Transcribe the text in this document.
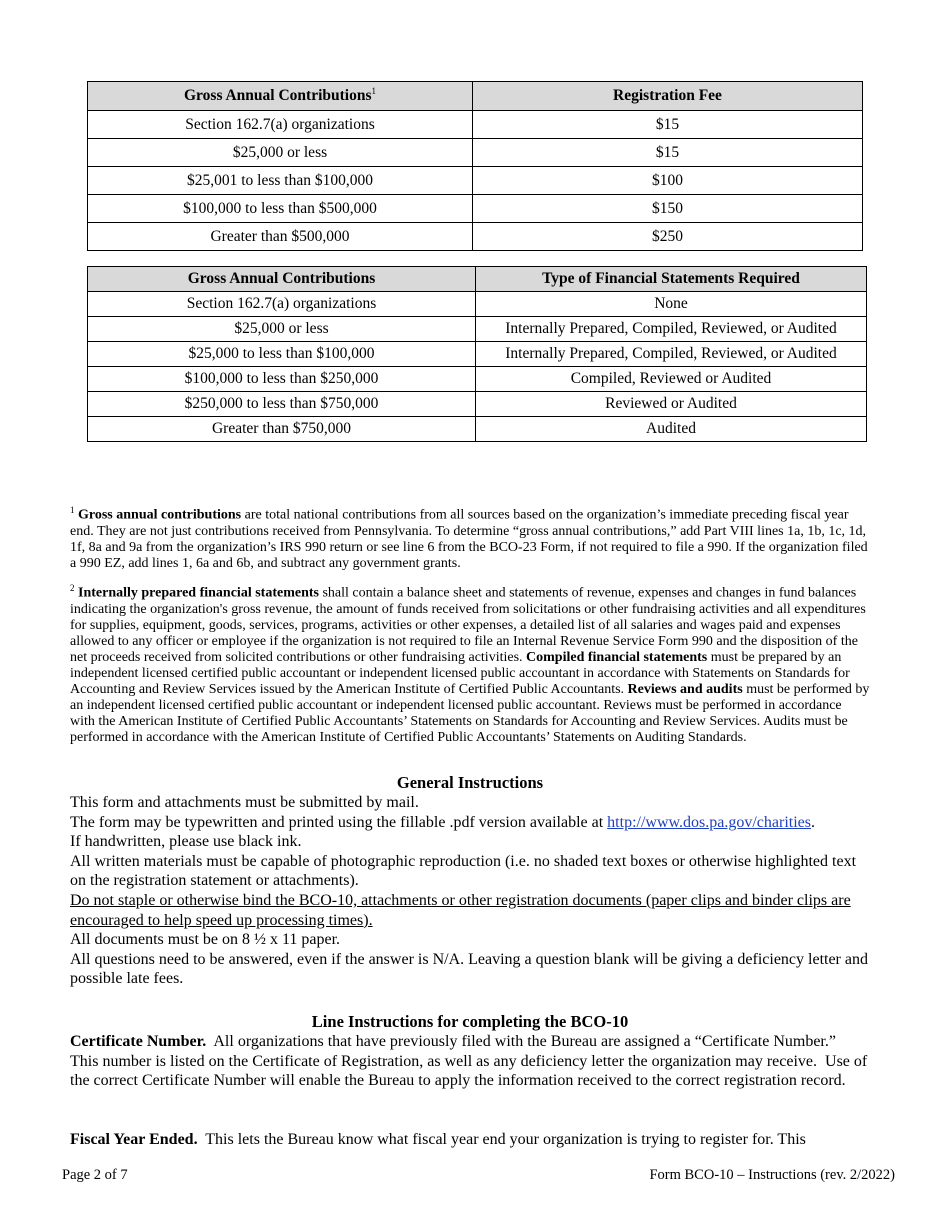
Gross Annual Contributions$^1$	Registration Fee
Section 162.7(a) organizations	$15
$25,000 or less	$15
$25,001 to less than $100,000	$100
$100,000 to less than $500,000	$150
Greater than $500,000	$250
Gross Annual Contributions	Type of Financial Statements Required
Section 162.7(a) organizations	None
$25,000 or less	Internally Prepared, Compiled, Reviewed, or Audited
$25,000 to less than $100,000	Internally Prepared, Compiled, Reviewed, or Audited
$100,000 to less than $250,000	Compiled, Reviewed or Audited
$250,000 to less than $750,000	Reviewed or Audited
Greater than $750,000	Audited
$^1$ Gross annual contributions are total national contributions from all sources based on the organization’s immediate preceding fiscal year end. They are not just contributions received from Pennsylvania. To determine “gross annual contributions,” add Part VIII lines 1a, 1b, 1c, 1d, 1f, 8a and 9a from the organization’s IRS 990 return or see line 6 from the BCO-23 Form, if not required to file a 990. If the organization filed a 990 EZ, add lines 1, 6a and 6b, and subtract any government grants.
$^2$ Internally prepared financial statements shall contain a balance sheet and statements of revenue, expenses and changes in fund balances indicating the organization's gross revenue, the amount of funds received from solicitations or other fundraising activities and all expenditures for supplies, equipment, goods, services, programs, activities or other expenses, a detailed list of all salaries and wages paid and expenses allowed to any officer or employee if the organization is not required to file an Internal Revenue Service Form 990 and the disposition of the net proceeds received from solicited contributions or other fundraising activities. Compiled financial statements must be prepared by an independent licensed certified public accountant or independent licensed public accountant in accordance with Statements on Standards for Accounting and Review Services issued by the American Institute of Certified Public Accountants. Reviews and audits must be performed by an independent licensed certified public accountant or independent licensed public accountant. Reviews must be performed in accordance with the American Institute of Certified Public Accountants’ Statements on Standards for Accounting and Review Services. Audits must be performed in accordance with the American Institute of Certified Public Accountants’ Statements on Auditing Standards.
General Instructions

This form and attachments must be submitted by mail.

The form may be typewritten and printed using the fillable .pdf version available at http://www.dos.pa.gov/charities.

If handwritten, please use black ink.

All written materials must be capable of photographic reproduction (i.e. no shaded text boxes or otherwise highlighted text on the registration statement or attachments).

Do not staple or otherwise bind the BCO-10, attachments or other registration documents (paper clips and binder clips are encouraged to help speed up processing times).

All documents must be on 8 ½ x 11 paper.

All questions need to be answered, even if the answer is N/A. Leaving a question blank will be giving a deficiency letter and possible late fees.

Line Instructions for completing the BCO-10
Certificate Number.  All organizations that have previously filed with the Bureau are assigned a “Certificate Number.”  This number is listed on the Certificate of Registration, as well as any deficiency letter the organization may receive.  Use of the correct Certificate Number will enable the Bureau to apply the information received to the correct registration record.
Fiscal Year Ended.  This lets the Bureau know what fiscal year end your organization is trying to register for. This
Page 2 of 7	Form BCO-10 – Instructions (rev. 2/2022)
